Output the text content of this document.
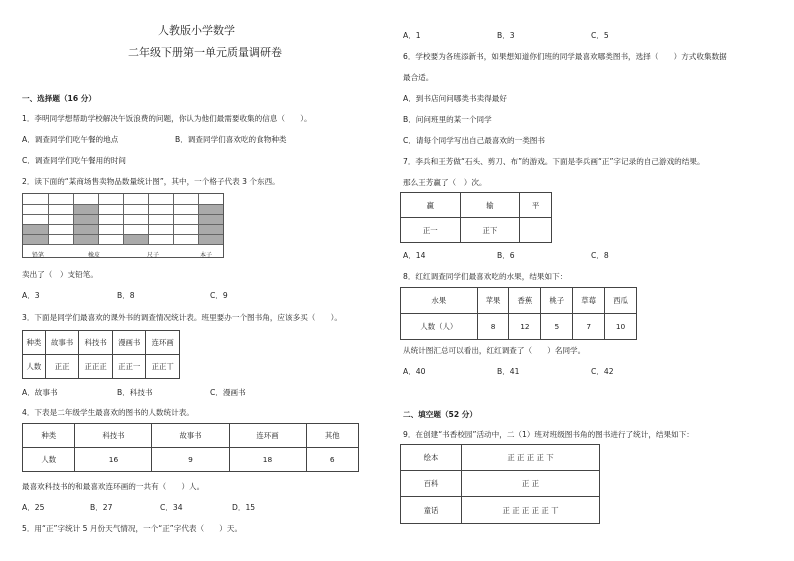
人教版小学数学
二年级下册第一单元质量调研卷
一、选择题（16 分）
1．李明同学想帮助学校解决午饭浪费的问题，你认为他们最需要收集的信息（　　）。
A．调查同学们吃午餐的地点	B．调查同学们喜欢吃的食物种类
C．调查同学们吃午餐用的时间
2．读下面的“某商场售卖物品数量统计图”，其中，一个格子代表 3 个东西。
铅笔	橡皮	尺子	本子
卖出了（　）支铅笔。
A．3	B．8	C．9
3．下面是同学们最喜欢的课外书的调查情况统计表。班里要办一个图书角，应该多买（　　）。
种类	故事书	科技书	漫画书	连环画
人数	正正	正正正	正正一	正正丅
A．故事书	B．科技书	C．漫画书
4．下表是二年级学生最喜欢的图书的人数统计表。
种类	科技书	故事书	连环画	其他
人数	16	9	18	6
最喜欢科技书的和最喜欢连环画的一共有（　　）人。
A．25	B．27	C．34	D．15
5．用“正”字统计 5 月份天气情况，一个“正”字代表（　　）天。
A．1	B．3	C．5
6．学校要为各班添新书，如果想知道你们班的同学最喜欢哪类图书，选择（　　）方式收集数据
最合适。
A．到书店问问哪类书卖得最好
B．问问班里的某一个同学
C．请每个同学写出自己最喜欢的一类图书
7．李兵和王芳做“石头、剪刀、布”的游戏。下面是李兵画“正”字记录的自己游戏的结果。
那么王芳赢了（　）次。
赢	输	平
正一	正下	
A．14	B．6	C．8
8．红红调查同学们最喜欢吃的水果，结果如下：
水果	苹果	香蕉	桃子	草莓	西瓜
人数（人）	8	12	5	7	10
从统计图汇总可以看出，红红调查了（　　）名同学。
A．40	B．41	C．42
二、填空题（52 分）
9．在创建“书香校园”活动中，二（1）班对班级图书角的图书进行了统计，结果如下：
绘本	正 正 正 正 下
百科	正 正
童话	正 正 正 正 正 丅
